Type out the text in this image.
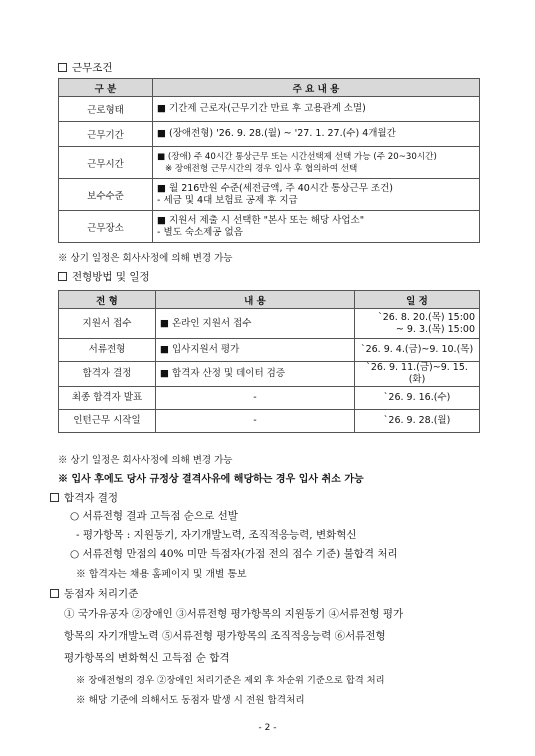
근무조건
구 분	주 요 내 용
근로형태	■ 기간제 근로자(근무기간 만료 후 고용관계 소멸)

근무기간	■ (장애전형) '26. 9. 28.(월) ~ '27. 1. 27.(수) 4개월간

근무시간	■ (장애) 주 40시간 통상근무 또는 시간선택제 선택 가능 (주 20~30시간)
※ 장애전형 근무시간의 경우 입사 후 협의하여 선택

보수수준	■ 월 216만원 수준(세전금액, 주 40시간 통상근무 조건)
- 세금 및 4대 보험료 공제 후 지급

근무장소	■ 지원서 제출 시 선택한 "본사 또는 해당 사업소"
- 별도 숙소제공 없음
※ 상기 일정은 회사사정에 의해 변경 가능
전형방법 및 일정
전 형	내 용	일 정
지원서 접수	■ 온라인 지원서 접수	`26. 8. 20.(목) 15:00
~ 9. 3.(목) 15:00

서류전형	■ 입사지원서 평가	`26. 9. 4.(금)~9. 10.(목)
합격자 결정	■ 합격자 산정 및 데이터 검증	`26. 9. 11.(금)~9. 15.(화)
최종 합격자 발표	-	`26. 9. 16.(수)
인턴근무 시작일	-	`26. 9. 28.(월)
※ 상기 일정은 회사사정에 의해 변경 가능
※ 입사 후에도 당사 규정상 결격사유에 해당하는 경우 입사 취소 가능
합격자 결정
○ 서류전형 결과 고득점 순으로 선발
- 평가항목 : 지원동기, 자기개발노력, 조직적응능력, 변화혁신
○ 서류전형 만점의 40% 미만 득점자(가점 전의 점수 기준) 불합격 처리
※ 합격자는 채용 홈페이지 및 개별 통보
동점자 처리기준
① 국가유공자 ②장애인 ③서류전형 평가항목의 지원동기 ④서류전형 평가
항목의 자기개발노력 ⑤서류전형 평가항목의 조직적응능력 ⑥서류전형
평가항목의 변화혁신 고득점 순 합격
※ 장애전형의 경우 ②장애인 처리기준은 제외 후 차순위 기준으로 합격 처리
※ 해당 기준에 의해서도 동점자 발생 시 전원 합격처리
- 2 -
